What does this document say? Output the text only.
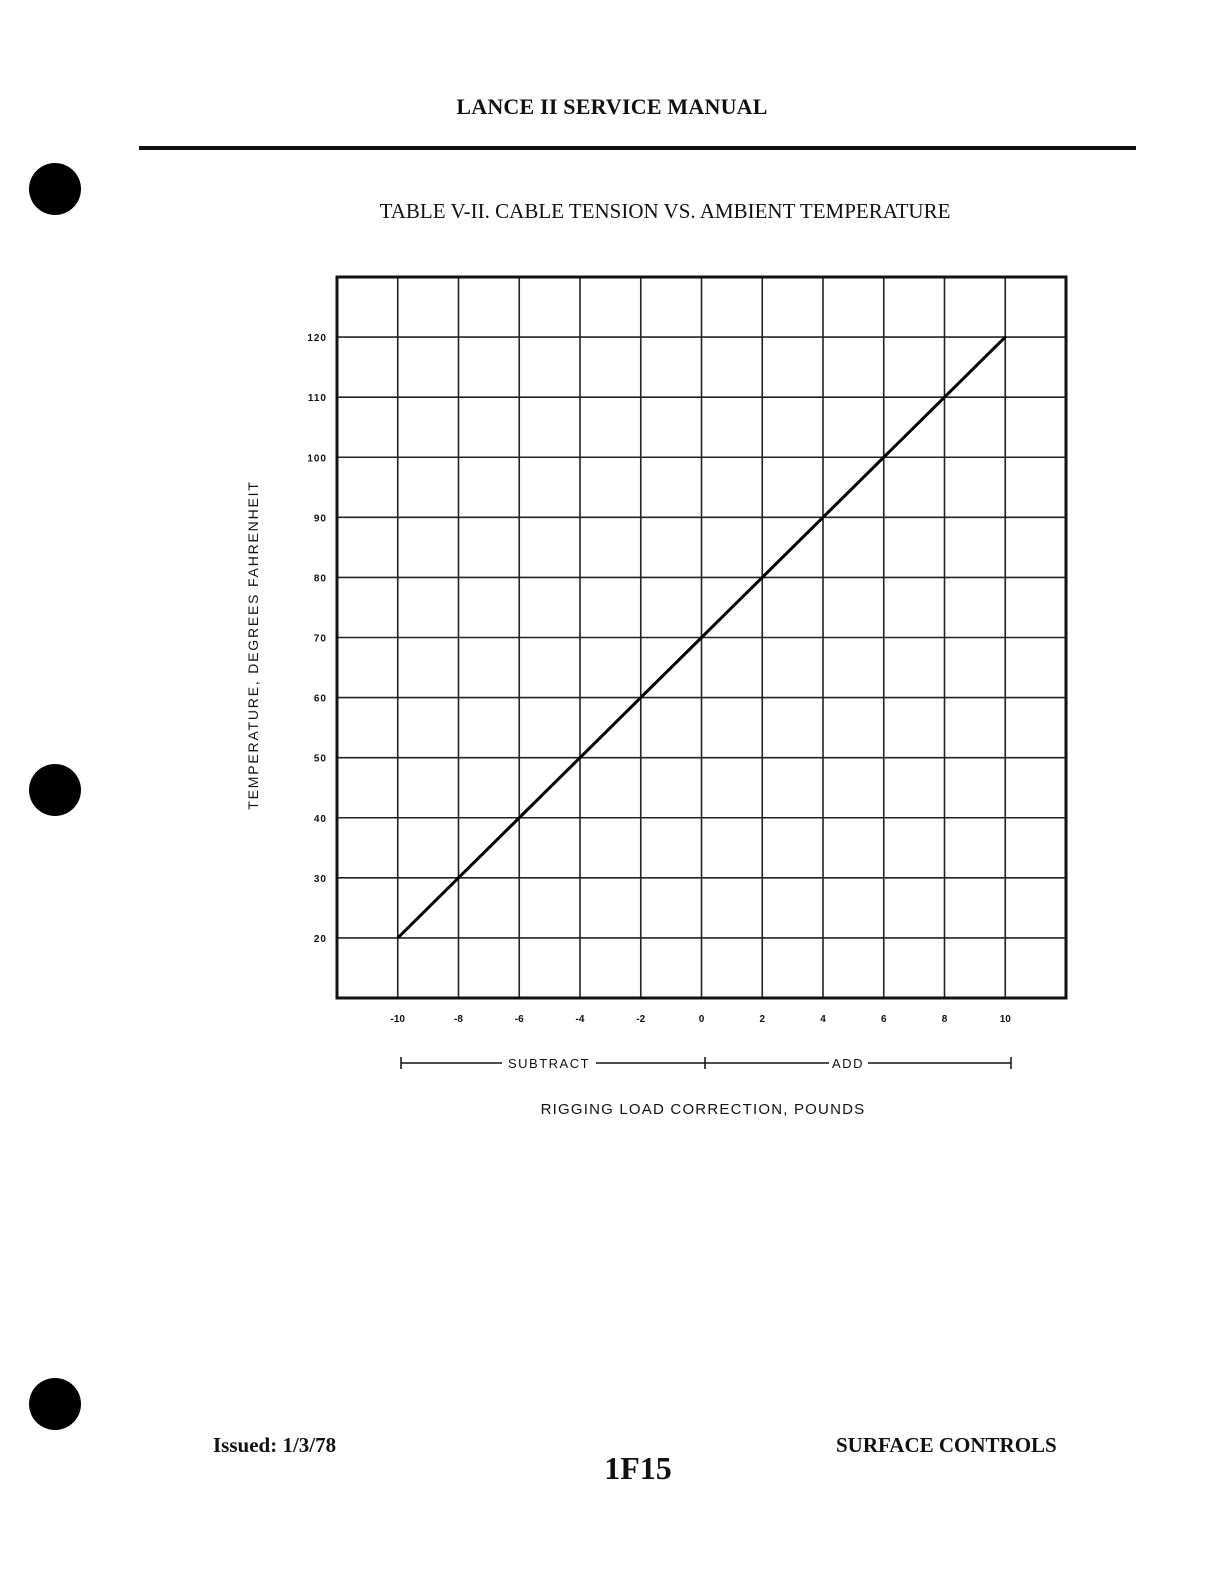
LANCE II SERVICE MANUAL
TABLE V-II. CABLE TENSION VS. AMBIENT TEMPERATURE
120
110
100
90
80
70
60
50
40
30
20
-10	-8	-6	-4	-2	0	2	4	6	8	10
TEMPERATURE, DEGREES FAHRENHEIT
SUBTRACT	ADD
RIGGING LOAD CORRECTION, POUNDS
Issued: 1/3/78
1F15
SURFACE CONTROLS
